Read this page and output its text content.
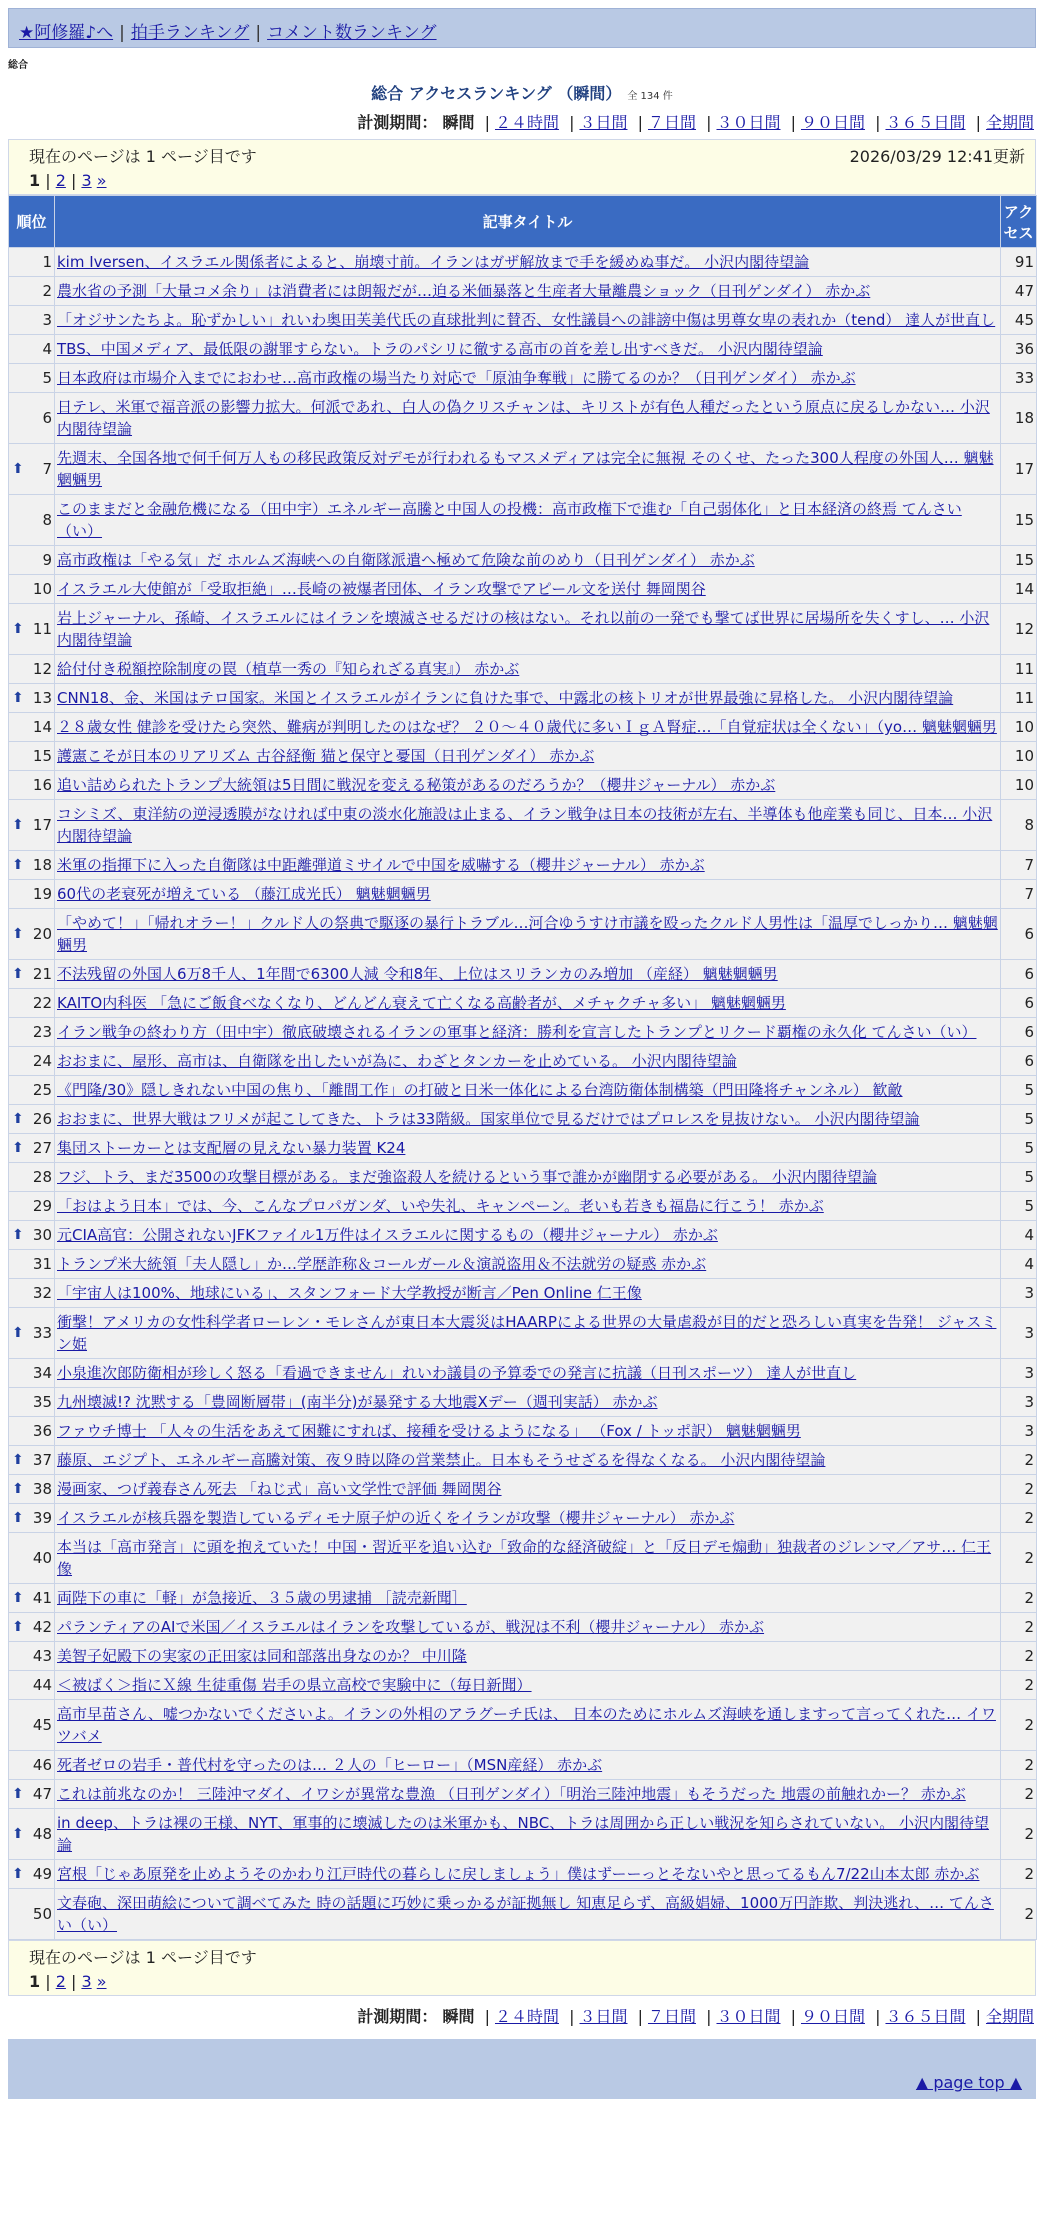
★阿修羅♪へ | 拍手ランキング | コメント数ランキング
総合
総合 アクセスランキング （瞬間） 全 134 件
計測期間： 瞬間 | ２４時間 | ３日間 | ７日間 | ３０日間 | ９０日間 | ３６５日間 | 全期間
現在のページは 1 ページ目です	2026/03/29 12:41更新
1 | 2 | 3 »
順位	記事タイトル	アクセス
1	kim Iversen、イスラエル関係者によると、崩壊寸前。イランはガザ解放まで手を緩めぬ事だ。 小沢内閣待望論	91
2	農水省の予測「大量コメ余り」は消費者には朗報だが…迫る米価暴落と生産者大量離農ショック（日刊ゲンダイ） 赤かぶ	47
3	「オジサンたちよ。恥ずかしい」れいわ奥田芙美代氏の直球批判に賛否、女性議員への誹謗中傷は男尊女卑の表れか（tend） 達人が世直し	45
4	TBS、中国メディア、最低限の謝罪すらない。トラのパシリに徹する高市の首を差し出すべきだ。 小沢内閣待望論	36
5	日本政府は市場介入までにおわせ…高市政権の場当たり対応で「原油争奪戦」に勝てるのか？（日刊ゲンダイ） 赤かぶ	33
6	日テレ、米軍で福音派の影響力拡大。何派であれ、白人の偽クリスチャンは、キリストが有色人種だったという原点に戻るしかない… 小沢内閣待望論	18

⬆ 7	先週末、全国各地で何千何万人もの移民政策反対デモが行われるもマスメディアは完全に無視 そのくせ、たった300人程度の外国人… 魑魅魍魎男	17
8	このままだと金融危機になる（田中宇）エネルギー高騰と中国人の投機：高市政権下で進む「自己弱体化」と日本経済の終焉 てんさい（い）	15
9	高市政権は「やる気」だ ホルムズ海峡への自衛隊派遣へ極めて危険な前のめり（日刊ゲンダイ） 赤かぶ	15
10	イスラエル大使館が「受取拒絶」…長崎の被爆者団体、イラン攻撃でアピール文を送付 舞岡関谷	14

⬆ 11	岩上ジャーナル、孫崎、イスラエルにはイランを壊滅させるだけの核はない。それ以前の一発でも撃てば世界に居場所を失くすし、… 小沢内閣待望論	12
12	給付付き税額控除制度の罠（植草一秀の『知られざる真実』） 赤かぶ	11

⬆ 13	CNN18、金、米国はテロ国家。米国とイスラエルがイランに負けた事で、中露北の核トリオが世界最強に昇格した。 小沢内閣待望論	11
14	２８歳女性 健診を受けたら突然、難病が判明したのはなぜ？ ２０～４０歳代に多いＩｇＡ腎症…「自覚症状は全くない」（yo… 魑魅魍魎男	10
15	護憲こそが日本のリアリズム 古谷経衡 猫と保守と憂国（日刊ゲンダイ） 赤かぶ	10
16	追い詰められたトランプ大統領は5日間に戦況を変える秘策があるのだろうか？（櫻井ジャーナル） 赤かぶ	10

⬆ 17	コシミズ、東洋紡の逆浸透膜がなければ中東の淡水化施設は止まる、イラン戦争は日本の技術が左右、半導体も他産業も同じ、日本… 小沢内閣待望論	8

⬆ 18	米軍の指揮下に入った自衛隊は中距離弾道ミサイルで中国を威嚇する（櫻井ジャーナル） 赤かぶ	7
19	60代の老衰死が増えている （藤江成光氏） 魑魅魍魎男	7

⬆ 20	「やめて！」「帰れオラー！」クルド人の祭典で駆逐の暴行トラブル…河合ゆうすけ市議を殴ったクルド人男性は「温厚でしっかり… 魑魅魍魎男	6

⬆ 21	不法残留の外国人6万8千人、1年間で6300人減 令和8年、上位はスリランカのみ増加 （産経） 魑魅魍魎男	6
22	KAITO内科医 「急にご飯食べなくなり、どんどん衰えて亡くなる高齢者が、メチャクチャ多い」 魑魅魍魎男	6
23	イラン戦争の終わり方（田中宇）徹底破壊されるイランの軍事と経済：勝利を宣言したトランプとリクード覇権の永久化 てんさい（い）	6
24	おおまに、屋形、高市は、自衛隊を出したいが為に、わざとタンカーを止めている。 小沢内閣待望論	6
25	《門隆/30》隠しきれない中国の焦り、「離間工作」の打破と日米一体化による台湾防衛体制構築（門田隆将チャンネル） 歓敵	5

⬆ 26	おおまに、世界大戦はフリメが起こしてきた、トラは33階級。国家単位で見るだけではプロレスを見抜けない。 小沢内閣待望論	5

⬆ 27	集団ストーカーとは支配層の見えない暴力装置 K24	5
28	フジ、トラ、まだ3500の攻撃目標がある。まだ強盗殺人を続けるという事で誰かが幽閉する必要がある。 小沢内閣待望論	5
29	「おはよう日本」では、今、こんなプロパガンダ、いや失礼、キャンペーン。老いも若きも福島に行こう！ 赤かぶ	5

⬆ 30	元CIA高官：公開されないJFKファイル1万件はイスラエルに関するもの（櫻井ジャーナル） 赤かぶ	4
31	トランプ米大統領「夫人隠し」か…学歴詐称＆コールガール＆演説盗用＆不法就労の疑惑 赤かぶ	4
32	「宇宙人は100%、地球にいる」、スタンフォード大学教授が断言／Pen Online 仁王像	3

⬆ 33	衝撃！アメリカの女性科学者ローレン・モレさんが東日本大震災はHAARPによる世界の大量虐殺が目的だと恐ろしい真実を告発！ ジャスミン姫	3
34	小泉進次郎防衛相が珍しく怒る「看過できません」れいわ議員の予算委での発言に抗議（日刊スポーツ） 達人が世直し	3
35	九州壊滅!? 沈黙する「豊岡断層帯」(南半分)が暴発する大地震Xデー（週刊実話） 赤かぶ	3
36	ファウチ博士 「人々の生活をあえて困難にすれば、接種を受けるようになる」 （Fox / トッポ訳） 魑魅魍魎男	3

⬆ 37	藤原、エジプト、エネルギー高騰対策、夜９時以降の営業禁止。日本もそうせざるを得なくなる。 小沢内閣待望論	2

⬆ 38	漫画家、つげ義春さん死去 「ねじ式」高い文学性で評価 舞岡関谷	2

⬆ 39	イスラエルが核兵器を製造しているディモナ原子炉の近くをイランが攻撃（櫻井ジャーナル） 赤かぶ	2
40	本当は「高市発言」に頭を抱えていた！中国・習近平を追い込む「致命的な経済破綻」と「反日デモ煽動」独裁者のジレンマ／アサ… 仁王像	2

⬆ 41	両陛下の車に「軽」が急接近、３５歳の男逮捕 ［読売新聞］	2

⬆ 42	パランティアのAIで米国／イスラエルはイランを攻撃しているが、戦況は不利（櫻井ジャーナル） 赤かぶ	2
43	美智子妃殿下の実家の正田家は同和部落出身なのか？ 中川隆	2
44	＜被ばく＞指にＸ線 生徒重傷 岩手の県立高校で実験中に（毎日新聞）	2
45	高市早苗さん、嘘つかないでくださいよ。イランの外相のアラグーチ氏は、 日本のためにホルムズ海峡を通しますって言ってくれた… イワツバメ	2
46	死者ゼロの岩手・普代村を守ったのは… ２人の「ヒーロー」（MSN産経） 赤かぶ	2

⬆ 47	これは前兆なのか！ 三陸沖マダイ、イワシが異常な豊漁 （日刊ゲンダイ）「明治三陸沖地震」もそうだった 地震の前触れかー？ 赤かぶ	2

⬆ 48	in deep、トラは裸の王様、NYT、軍事的に壊滅したのは米軍かも、NBC、トラは周囲から正しい戦況を知らされていない。 小沢内閣待望論	2

⬆ 49	宮根「じゃあ原発を止めようそのかわり江戸時代の暮らしに戻しましょう」僕はずーーっとそないやと思ってるもん7/22山本太郎 赤かぶ	2
50	文春砲、深田萌絵について調べてみた 時の話題に巧妙に乗っかるが証拠無し 知恵足らず、高級娼婦、1000万円詐欺、判決逃れ、… てんさい（い）	2
現在のページは 1 ページ目です
1 | 2 | 3 »
計測期間： 瞬間 | ２４時間 | ３日間 | ７日間 | ３０日間 | ９０日間 | ３６５日間 | 全期間
▲ page top ▲
